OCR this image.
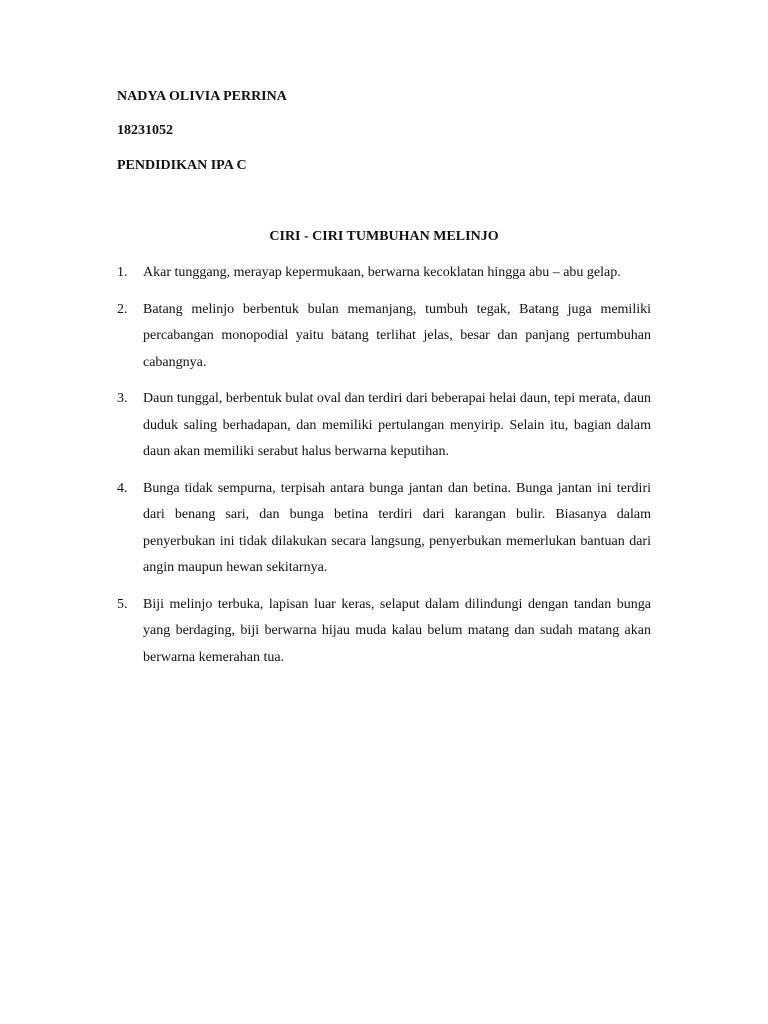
NADYA OLIVIA PERRINA
18231052
PENDIDIKAN IPA C
CIRI - CIRI TUMBUHAN MELINJO
1. Akar tunggang, merayap kepermukaan, berwarna kecoklatan hingga abu – abu gelap.
2. Batang melinjo berbentuk bulan memanjang, tumbuh tegak, Batang juga memiliki percabangan monopodial yaitu batang terlihat jelas, besar dan panjang pertumbuhan cabangnya.
3. Daun tunggal, berbentuk bulat oval dan terdiri dari beberapai helai daun, tepi merata, daun duduk saling berhadapan, dan memiliki pertulangan menyirip. Selain itu, bagian dalam daun akan memiliki serabut halus berwarna keputihan.
4. Bunga tidak sempurna, terpisah antara bunga jantan dan betina. Bunga jantan ini terdiri dari benang sari, dan bunga betina terdiri dari karangan bulir. Biasanya dalam penyerbukan ini tidak dilakukan secara langsung, penyerbukan memerlukan bantuan dari angin maupun hewan sekitarnya.
5. Biji melinjo terbuka, lapisan luar keras, selaput dalam dilindungi dengan tandan bunga yang berdaging, biji berwarna hijau muda kalau belum matang dan sudah matang akan berwarna kemerahan tua.
